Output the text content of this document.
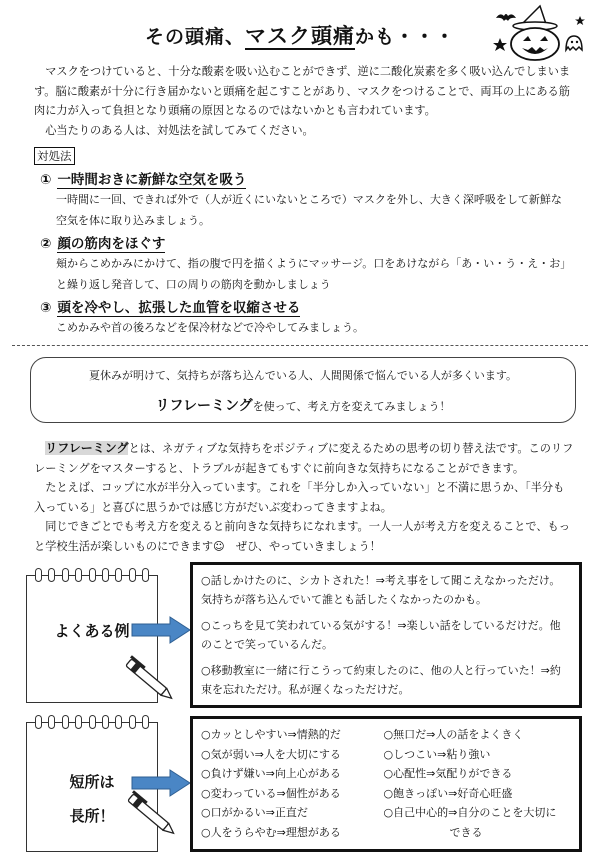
その頭痛、マスク頭痛かも・・・
マスクをつけていると、十分な酸素を吸い込むことができず、逆に二酸化炭素を多く吸い込んでしまいます。脳に酸素が十分に行き届かないと頭痛を起こすことがあり、マスクをつけることで、両耳の上にある筋肉に力が入って負担となり頭痛の原因となるのではないかとも言われています。
心当たりのある人は、対処法を試してみてください。
対処法
① 一時間おきに新鮮な空気を吸う
一時間に一回、できれば外で（人が近くにいないところで）マスクを外し、大きく深呼吸をして新鮮な空気を体に取り込みましょう。
② 顔の筋肉をほぐす
頬からこめかみにかけて、指の腹で円を描くようにマッサージ。口をあけながら「あ・い・う・え・お」と繰り返し発音して、口の周りの筋肉を動かしましょう
③ 頭を冷やし、拡張した血管を収縮させる
こめかみや首の後ろなどを保冷材などで冷やしてみましょう。
夏休みが明けて、気持ちが落ち込んでいる人、人間関係で悩んでいる人が多くいます。
リフレーミングを使って、考え方を変えてみましょう！
リフレーミングとは、ネガティブな気持ちをポジティブに変えるための思考の切り替え法です。このリフレーミングをマスターすると、トラブルが起きてもすぐに前向きな気持ちになることができます。
たとえば、コップに水が半分入っています。これを「半分しか入っていない」と不満に思うか、「半分も入っている」と喜びに思うかでは感じ方がだいぶ変わってきますよね。
同じできごとでも考え方を変えると前向きな気持ちになれます。一人一人が考え方を変えることで、もっと学校生活が楽しいものにできます☺　ぜひ、やっていきましょう！
よくある例
○話しかけたのに、シカトされた！⇒考え事をして聞こえなかっただけ。気持ちが落ち込んでいて誰とも話したくなかったのかも。
○こっちを見て笑われている気がする！⇒楽しい話をしているだけだ。他のことで笑っているんだ。
○移動教室に一緒に行こうって約束したのに、他の人と行っていた！⇒約束を忘れただけ。私が遅くなっただけだ。
短所は
長所！
○カッとしやすい⇒情熱的だ
○気が弱い⇒人を大切にする
○負けず嫌い⇒向上心がある
○変わっている⇒個性がある
○口がかるい⇒正直だ
○人をうらやむ⇒理想がある
○無口だ⇒人の話をよくきく
○しつこい⇒粘り強い
○心配性⇒気配りができる
○飽きっぽい⇒好奇心旺盛
○自己中心的⇒自分のことを大切に
　　　　　　できる
